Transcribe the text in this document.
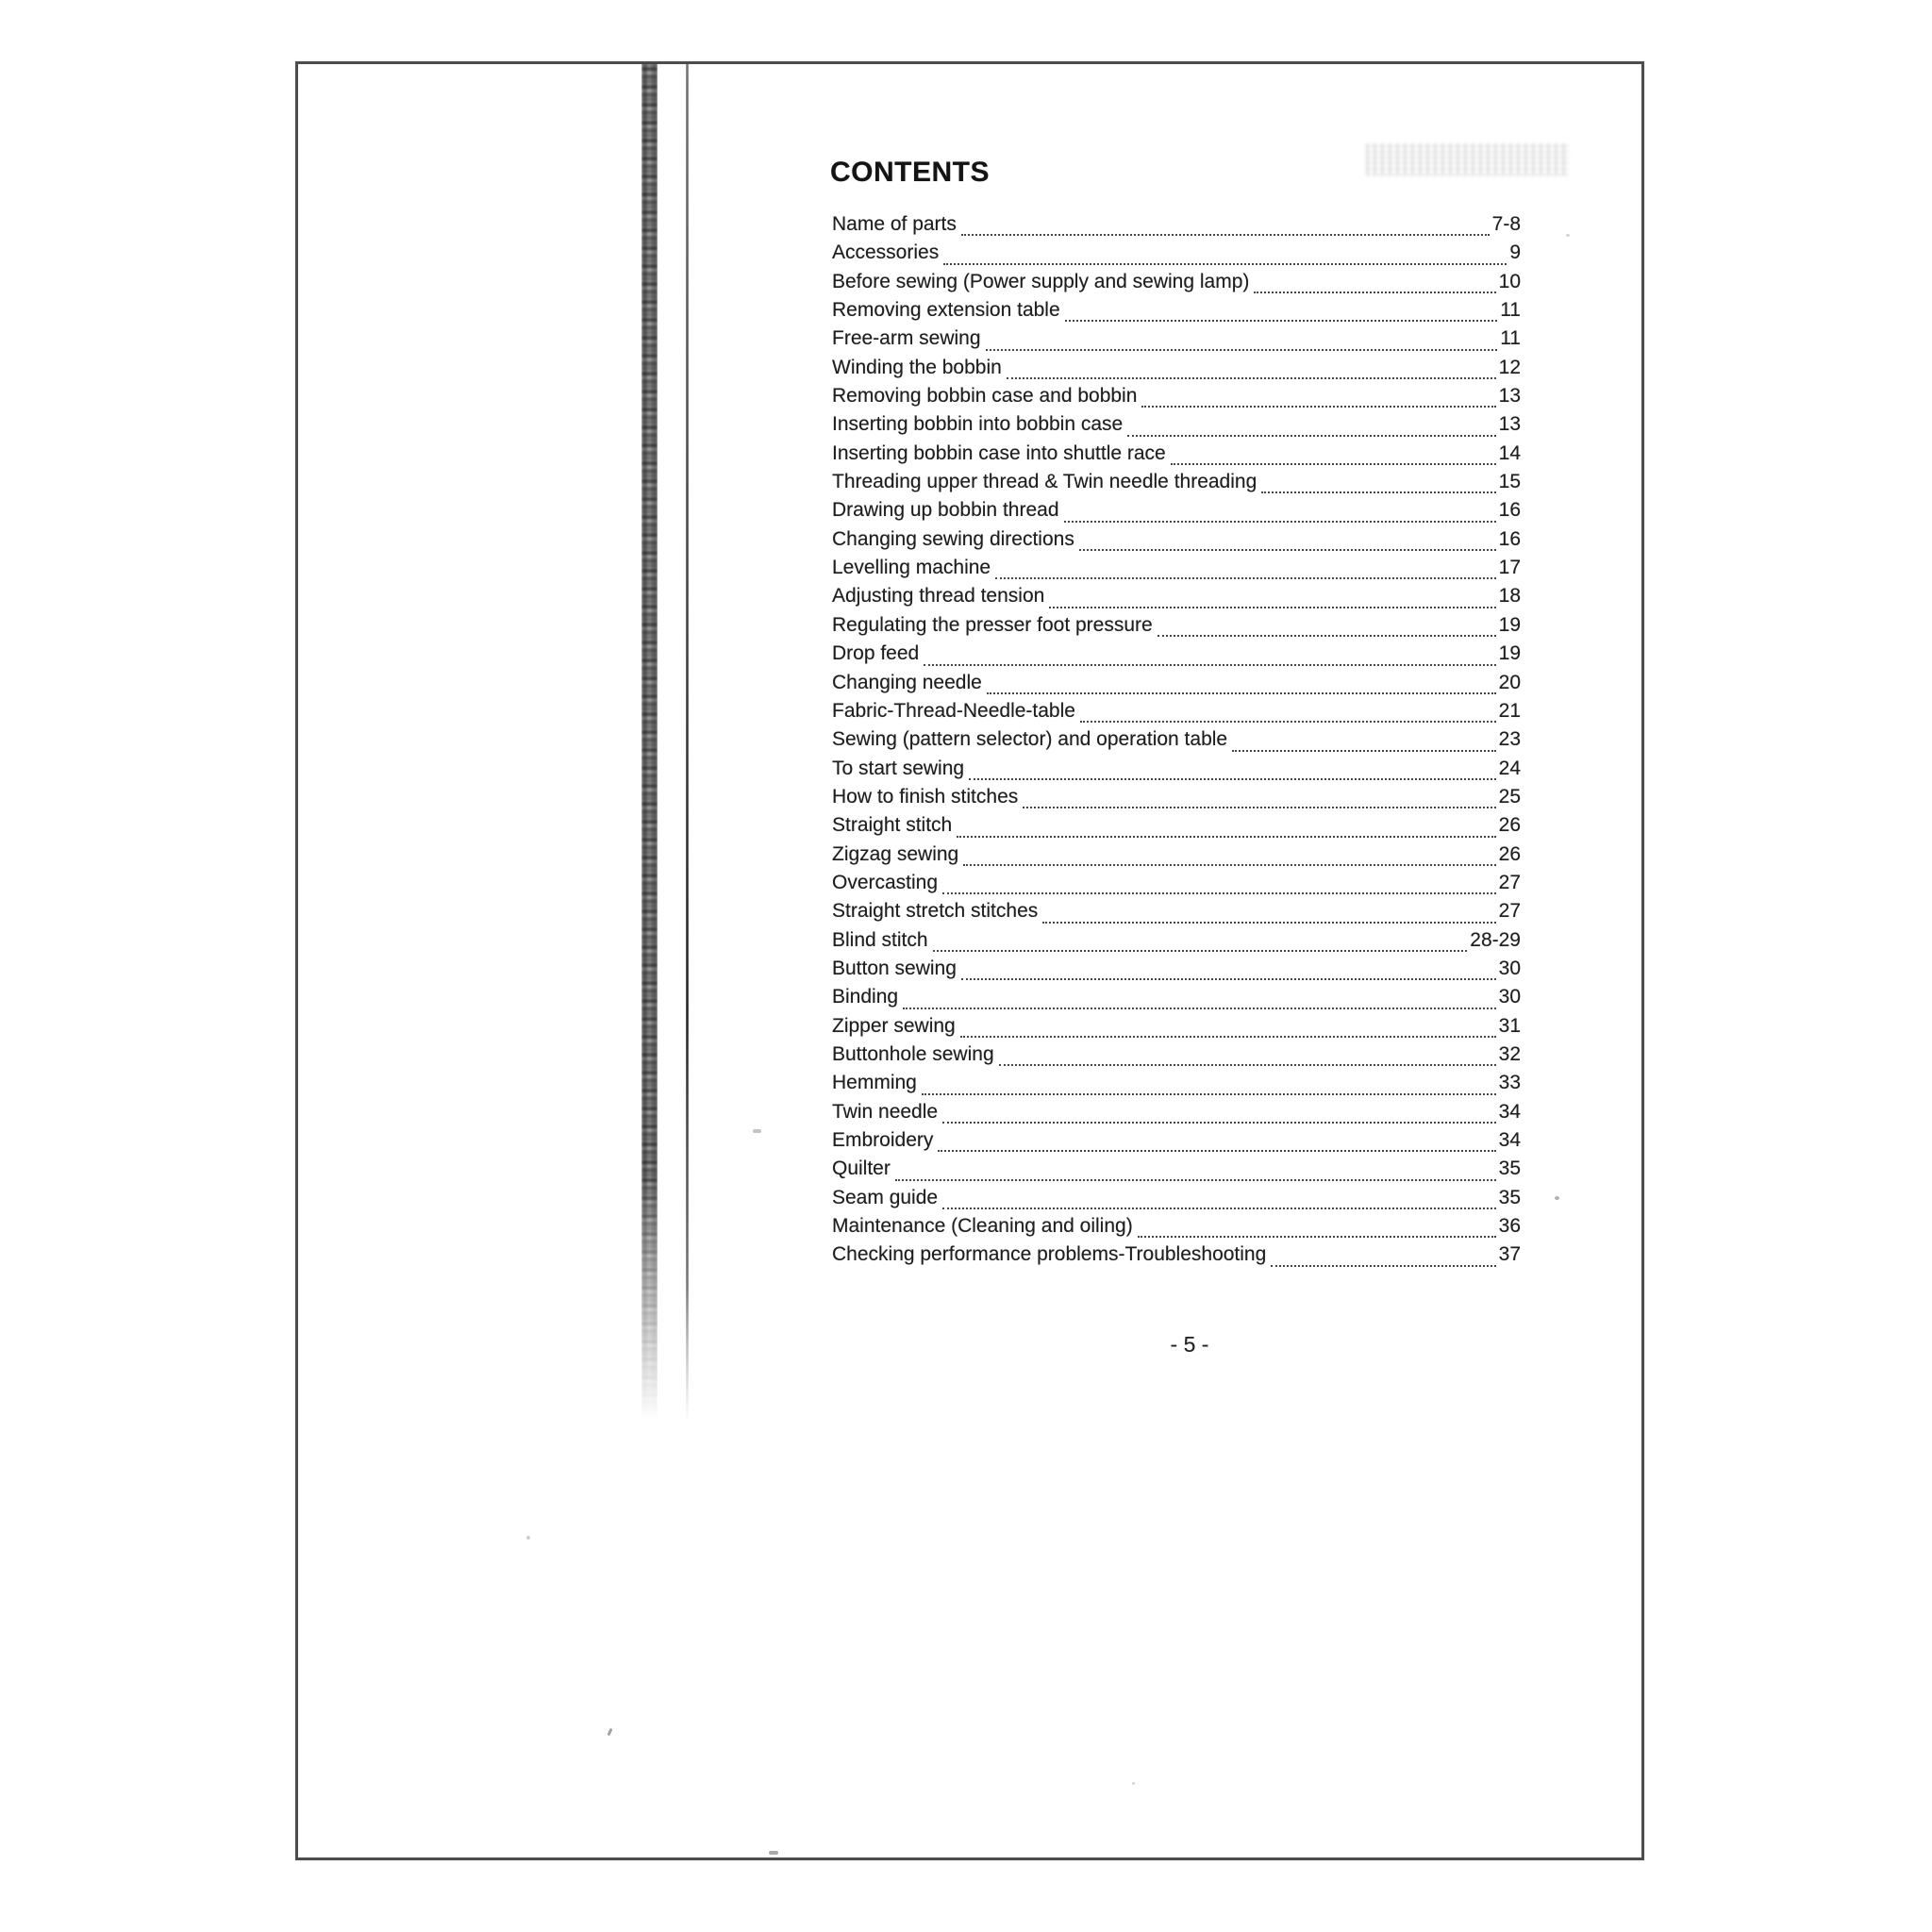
CONTENTS
Name of parts	7-8
Accessories	9
Before sewing (Power supply and sewing lamp)	10
Removing extension table	11
Free-arm sewing	11
Winding the bobbin	12
Removing bobbin case and bobbin	13
Inserting bobbin into bobbin case	13
Inserting bobbin case into shuttle race	14
Threading upper thread & Twin needle threading	15
Drawing up bobbin thread	16
Changing sewing directions	16
Levelling machine	17
Adjusting thread tension	18
Regulating the presser foot pressure	19
Drop feed	19
Changing needle	20
Fabric-Thread-Needle-table	21
Sewing (pattern selector) and operation table	23
To start sewing	24
How to finish stitches	25
Straight stitch	26
Zigzag sewing	26
Overcasting	27
Straight stretch stitches	27
Blind stitch	28-29
Button sewing	30
Binding	30
Zipper sewing	31
Buttonhole sewing	32
Hemming	33
Twin needle	34
Embroidery	34
Quilter	35
Seam guide	35
Maintenance (Cleaning and oiling)	36
Checking performance problems-Troubleshooting	37
- 5 -
